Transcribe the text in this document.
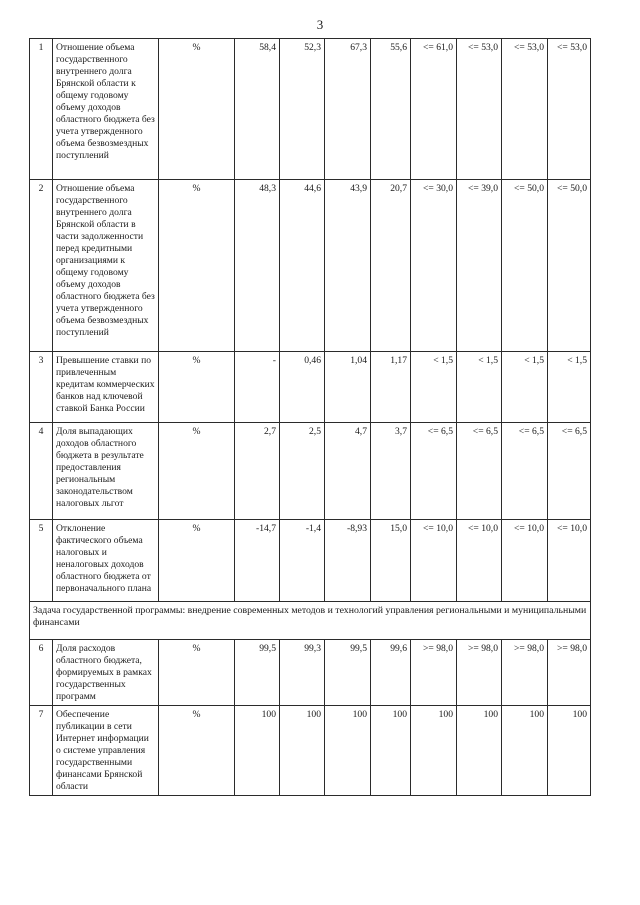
3
1	Отношение объема государственного внутреннего долга Брянской области к общему годовому объему доходов областного бюджета без учета утвержденного объема безвозмездных поступлений	%	58,4	52,3	67,3	55,6	<= 61,0	<= 53,0	<= 53,0	<= 53,0
2	Отношение объема государственного внутреннего долга Брянской области в части задолженности перед кредитными организациями к общему годовому объему доходов областного бюджета без учета утвержденного объема безвозмездных поступлений	%	48,3	44,6	43,9	20,7	<= 30,0	<= 39,0	<= 50,0	<= 50,0
3	Превышение ставки по привлеченным кредитам коммерческих банков над ключевой ставкой Банка России	%	-	0,46	1,04	1,17	< 1,5	< 1,5	< 1,5	< 1,5
4	Доля выпадающих доходов областного бюджета в результате предоставления региональным законодательством налоговых льгот	%	2,7	2,5	4,7	3,7	<= 6,5	<= 6,5	<= 6,5	<= 6,5
5	Отклонение фактического объема налоговых и неналоговых доходов областного бюджета от первоначального плана	%	-14,7	-1,4	-8,93	15,0	<= 10,0	<= 10,0	<= 10,0	<= 10,0
Задача государственной программы: внедрение современных методов и технологий управления региональными и муниципальными финансами										
6	Доля расходов областного бюджета, формируемых в рамках государственных программ	%	99,5	99,3	99,5	99,6	>= 98,0	>= 98,0	>= 98,0	>= 98,0
7	Обеспечение публикации в сети Интернет информации о системе управления государственными финансами Брянской области	%	100	100	100	100	100	100	100	100
